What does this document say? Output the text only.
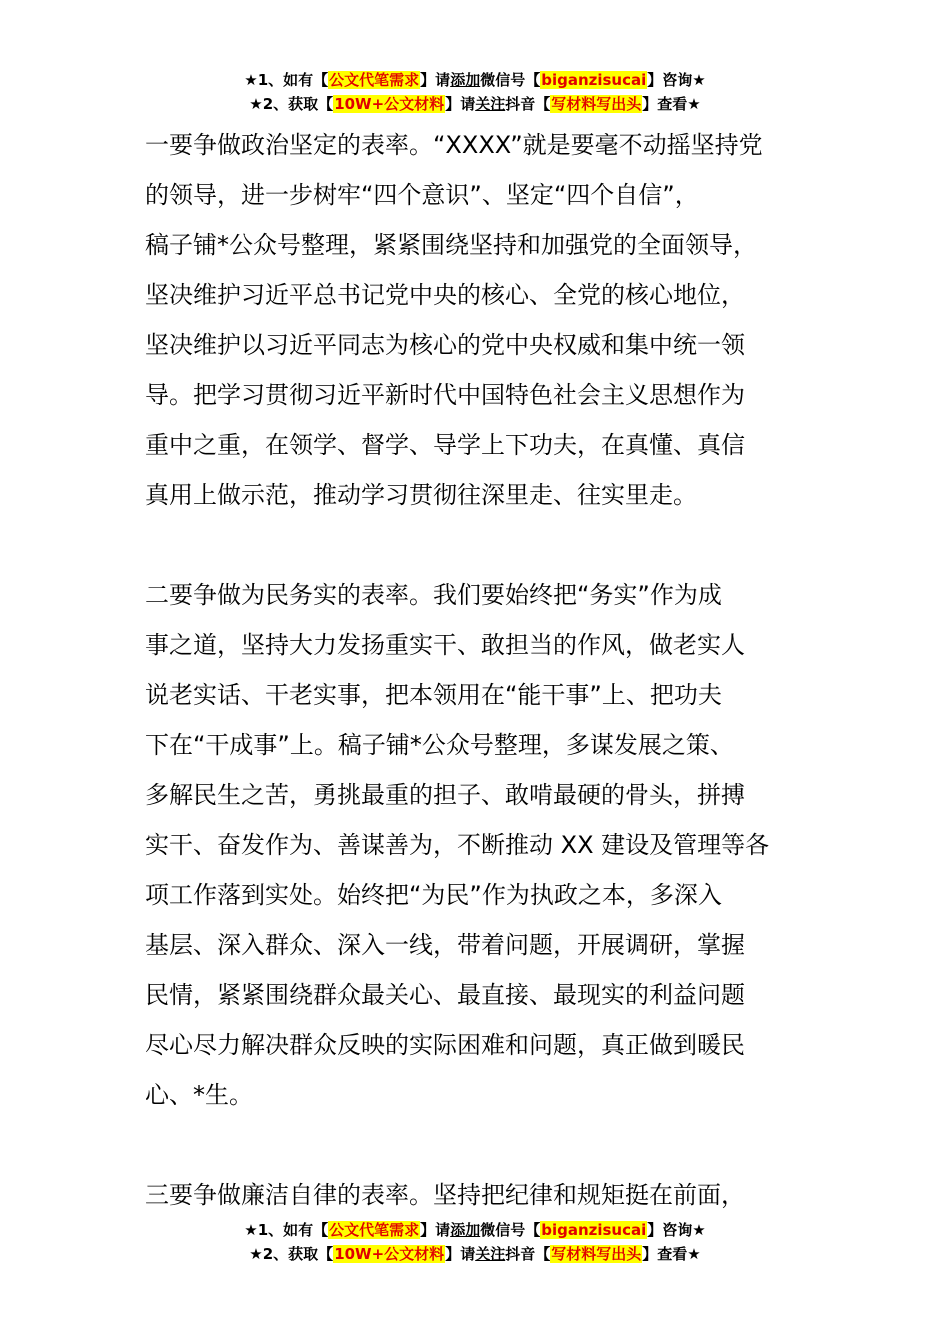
★1、如有【公文代笔需求】请添加微信号【biganzisucai】咨询★
★2、获取【10W+公文材料】请关注抖音【写材料写出头】查看★
一要争做政治坚定的表率。“XXXX”就是要毫不动摇坚持党
的领导，进一步树牢“四个意识”、坚定“四个自信”，
稿子铺*公众号整理，紧紧围绕坚持和加强党的全面领导，
坚决维护习近平总书记党中央的核心、全党的核心地位，
坚决维护以习近平同志为核心的党中央权威和集中统一领
导。把学习贯彻习近平新时代中国特色社会主义思想作为
重中之重，在领学、督学、导学上下功夫，在真懂、真信
真用上做示范，推动学习贯彻往深里走、往实里走。
二要争做为民务实的表率。我们要始终把“务实”作为成
事之道，坚持大力发扬重实干、敢担当的作风，做老实人
说老实话、干老实事，把本领用在“能干事”上、把功夫
下在“干成事”上。稿子铺*公众号整理，多谋发展之策、
多解民生之苦，勇挑最重的担子、敢啃最硬的骨头，拼搏
实干、奋发作为、善谋善为，不断推动 XX 建设及管理等各
项工作落到实处。始终把“为民”作为执政之本，多深入
基层、深入群众、深入一线，带着问题，开展调研，掌握
民情，紧紧围绕群众最关心、最直接、最现实的利益问题
尽心尽力解决群众反映的实际困难和问题，真正做到暖民
心、*生。
三要争做廉洁自律的表率。坚持把纪律和规矩挺在前面，
★1、如有【公文代笔需求】请添加微信号【biganzisucai】咨询★
★2、获取【10W+公文材料】请关注抖音【写材料写出头】查看★
